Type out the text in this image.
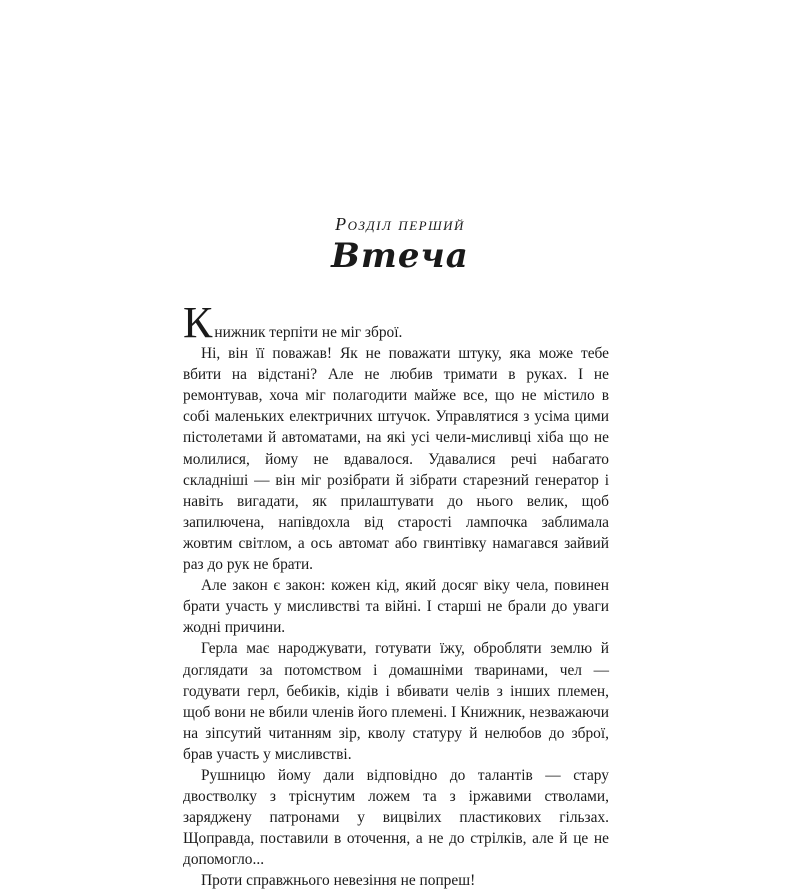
Розділ перший
Втеча

К нижник терпіти не міг зброї.

Ні, він її поважав! Як не поважати штуку, яка може тебе вбити на відстані? Але не любив тримати в руках. І не ремонтував, хоча міг полагодити майже все, що не містило в собі маленьких електричних штучок. Управлятися з усіма цими пістолетами й автоматами, на які усі чели-мисливці хіба що не молилися, йому не вдавалося. Удавалися речі набагато складніші — він міг розібрати й зібрати старезний генератор і навіть вигадати, як прилаштувати до нього велик, щоб запилючена, напівдохла від старості лампочка заблимала жовтим світлом, а ось автомат або гвинтівку намагався зайвий раз до рук не брати.

Але закон є закон: кожен кід, який досяг віку чела, повинен брати участь у мисливстві та війні. І старші не брали до уваги жодні причини.

Герла має народжувати, готувати їжу, обробляти землю й доглядати за потомством і домашніми тваринами, чел — годувати герл, бебиків, кідів і вбивати челів з інших племен, щоб вони не вбили членів його племені. І Книжник, незважаючи на зіпсутий читанням зір, кволу статуру й нелюбов до зброї, брав участь у мисливстві.

Рушницю йому дали відповідно до талантів — стару двостволку з тріснутим ложем та з іржавими стволами, заряджену патронами у вицвілих пластикових гільзах. Щоправда, поставили в оточення, а не до стрілків, але й це не допомогло...

Проти справжнього невезіння не попреш!
